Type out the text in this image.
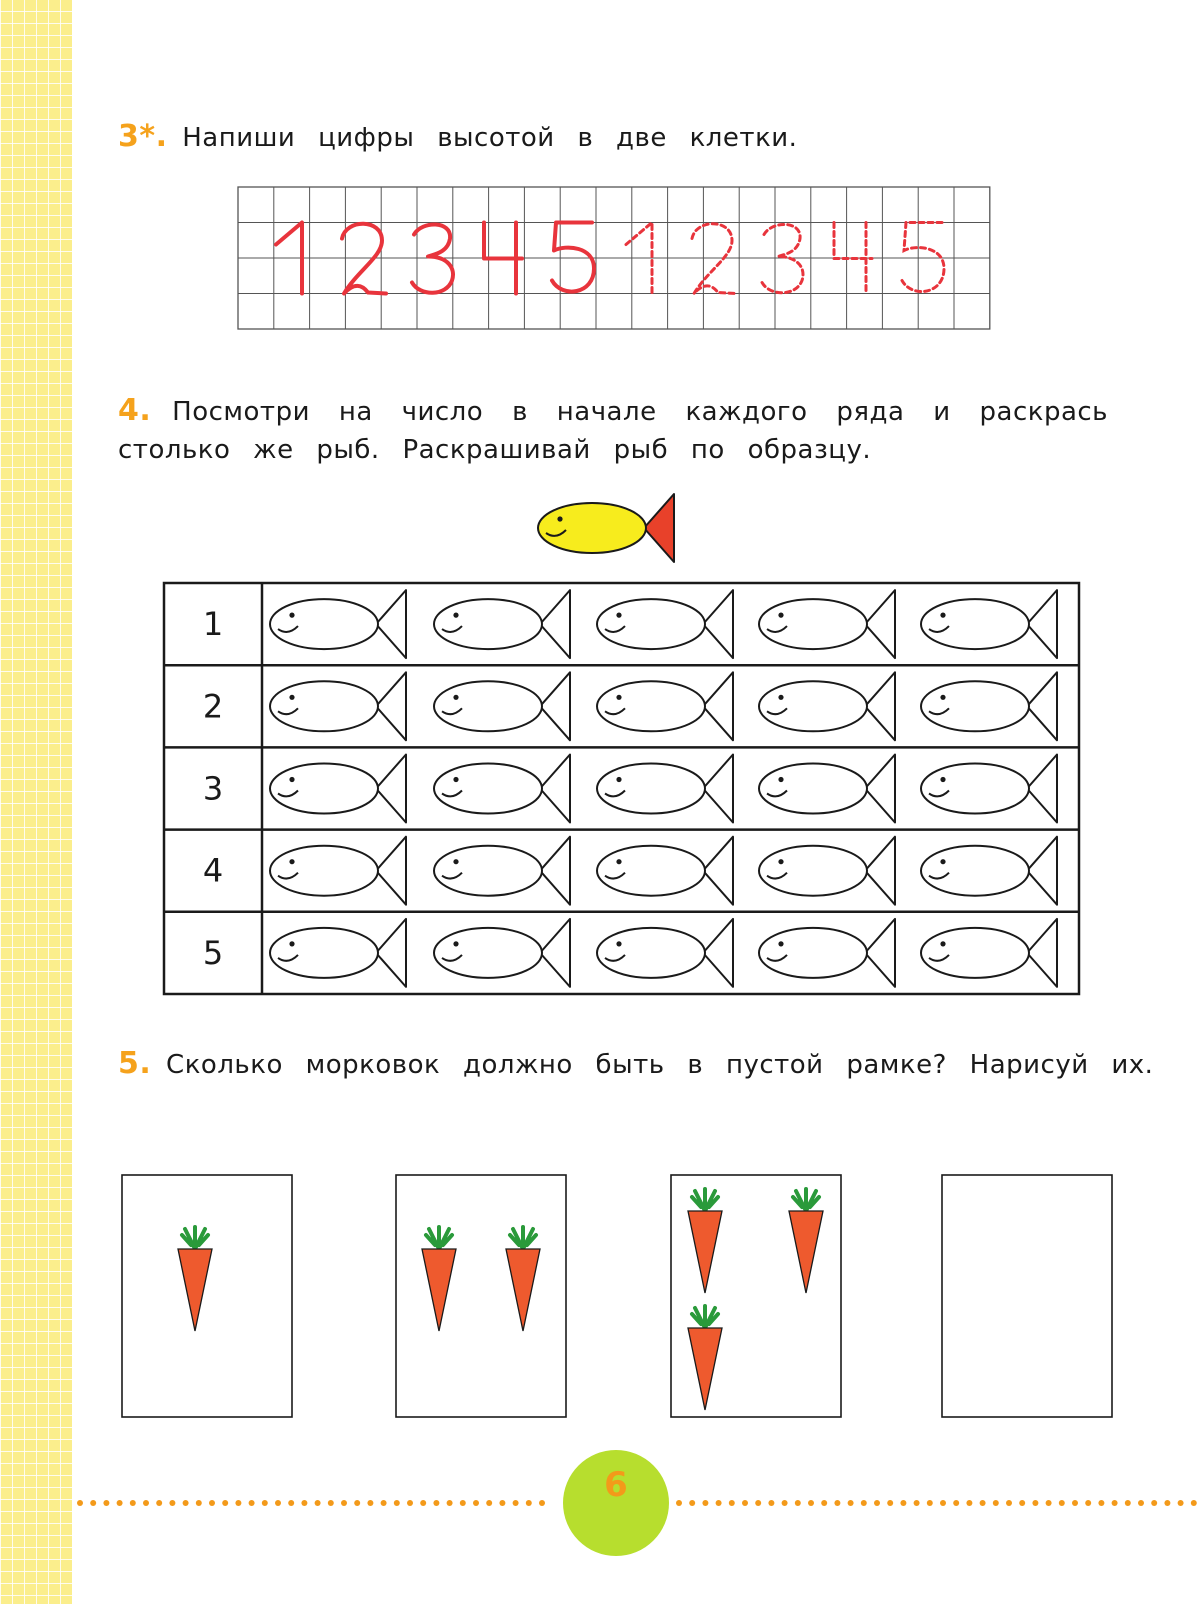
3*. Напиши цифры высотой в две клетки.
4. Посмотри на число в начале каждого ряда и раскрась столько же рыб. Раскрашивай рыб по образцу.
5. Сколько морковок должно быть в пустой рамке? Нарисуй их.
1
2
3
4
5
6
